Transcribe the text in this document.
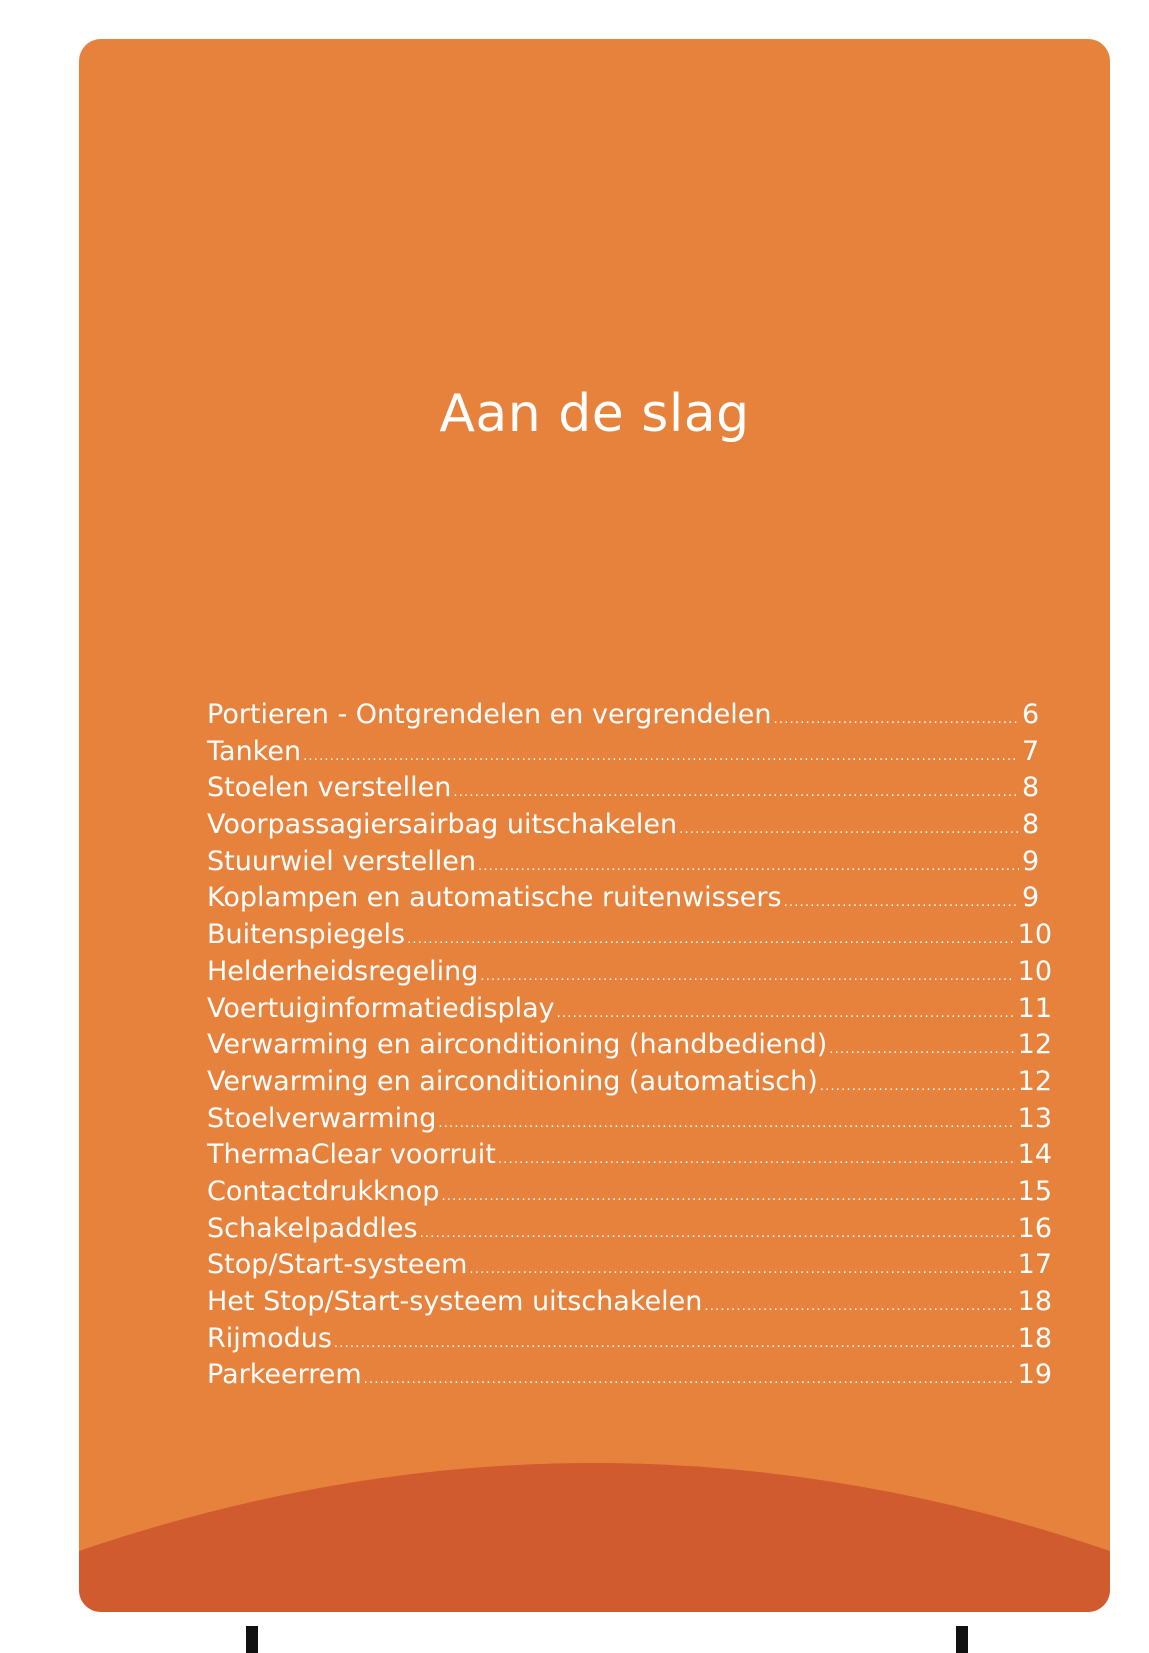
Aan de slag
Portieren - Ontgrendelen en vergrendelen .....	6
Tanken .....	7
Stoelen verstellen .....	8
Voorpassagiersairbag uitschakelen .....	8
Stuurwiel verstellen .....	9
Koplampen en automatische ruitenwissers .....	9
Buitenspiegels .....	10
Helderheidsregeling .....	10
Voertuiginformatiedisplay .....	11
Verwarming en airconditioning (handbediend) .....	12
Verwarming en airconditioning (automatisch) .....	12
Stoelverwarming .....	13
ThermaClear voorruit .....	14
Contactdrukknop .....	15
Schakelpaddles .....	16
Stop/Start-systeem .....	17
Het Stop/Start-systeem uitschakelen .....	18
Rijmodus .....	18
Parkeerrem .....	19
